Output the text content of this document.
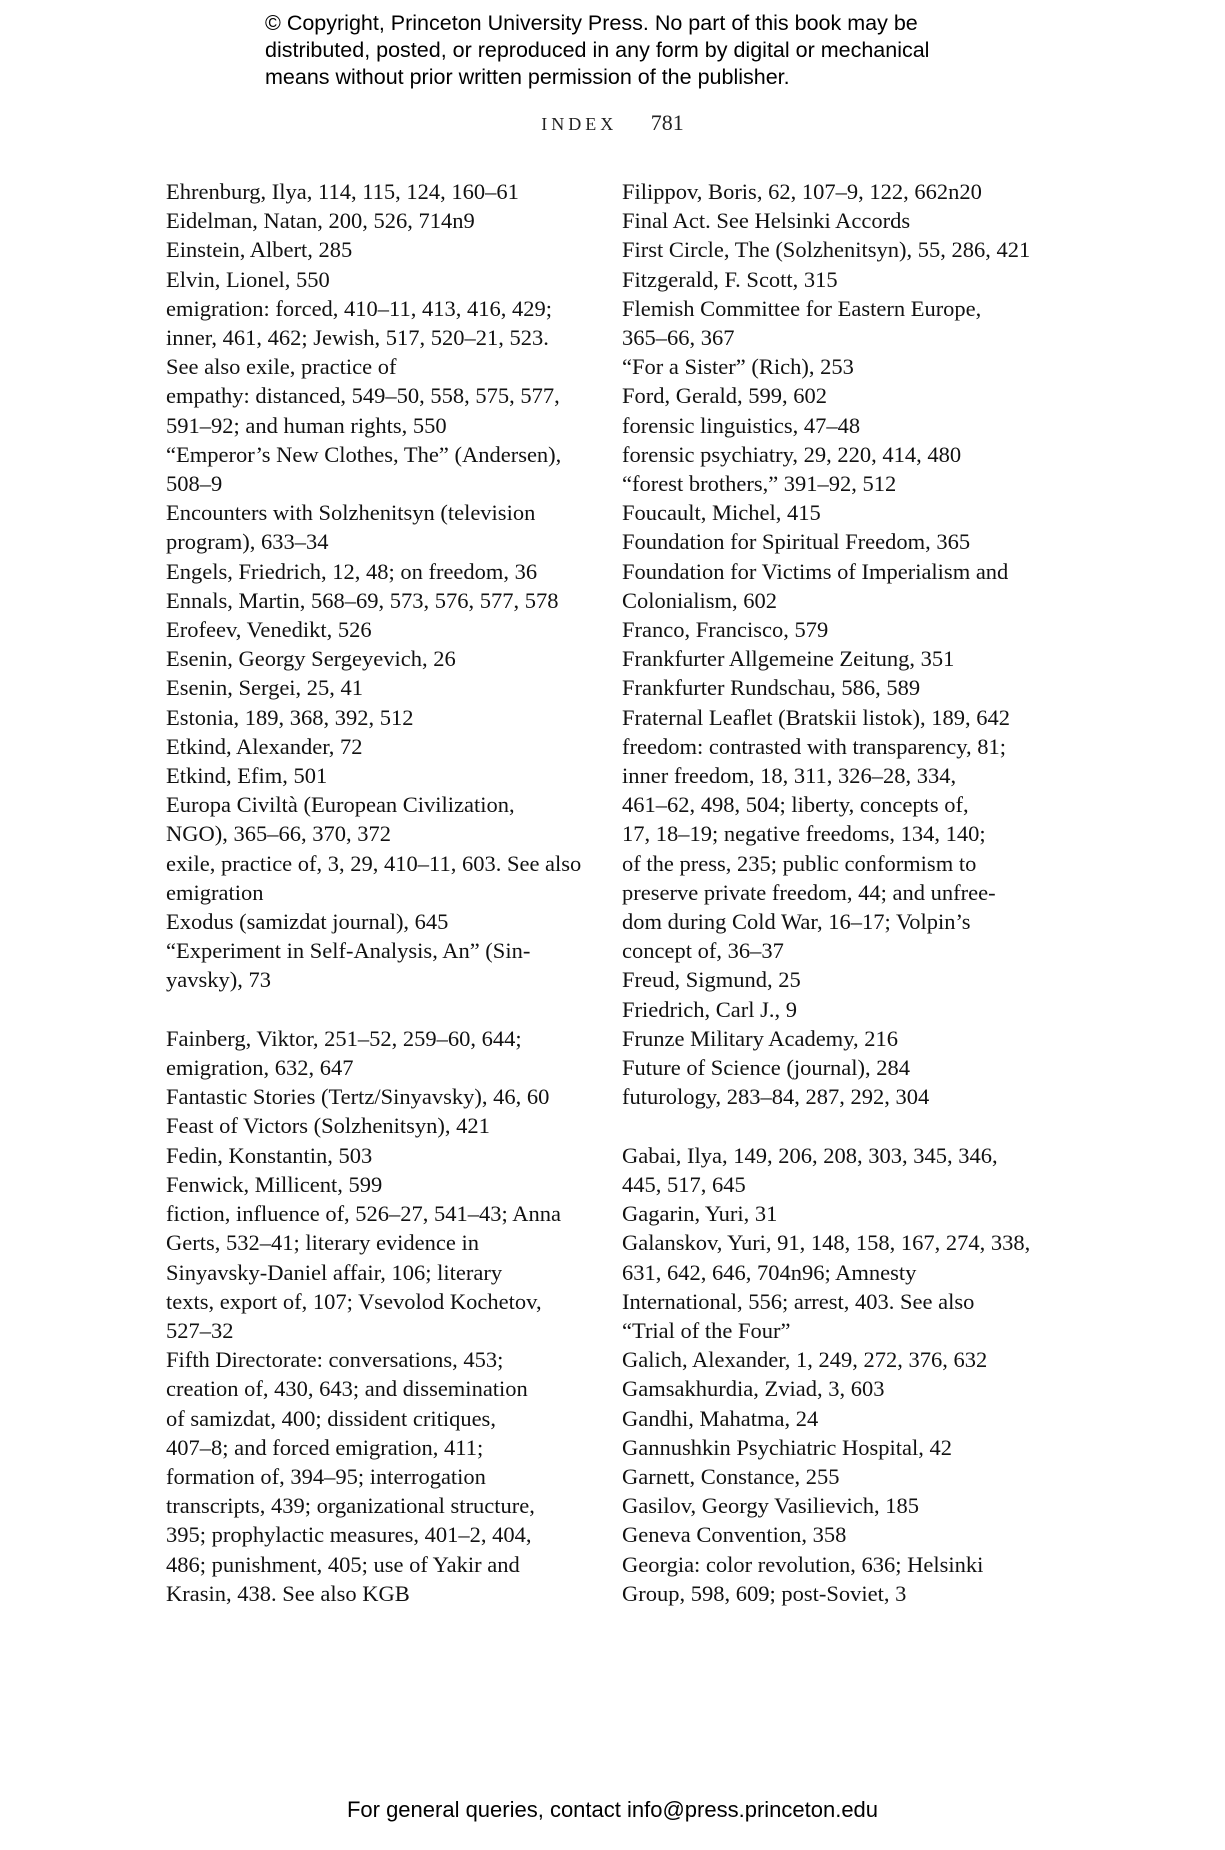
© Copyright, Princeton University Press. No part of this book may be
distributed, posted, or reproduced in any form by digital or mechanical
means without prior written permission of the publisher.
INDEX 781
Ehrenburg, Ilya, 114, 115, 124, 160–61
Eidelman, Natan, 200, 526, 714n9
Einstein, Albert, 285
Elvin, Lionel, 550
emigration: forced, 410–11, 413, 416, 429;
inner, 461, 462; Jewish, 517, 520–21, 523.
See also exile, practice of
empathy: distanced, 549–50, 558, 575, 577,
591–92; and human rights, 550
“Emperor’s New Clothes, The” (Andersen),
508–9
Encounters with Solzhenitsyn (television
program), 633–34
Engels, Friedrich, 12, 48; on freedom, 36
Ennals, Martin, 568–69, 573, 576, 577, 578
Erofeev, Venedikt, 526
Esenin, Georgy Sergeyevich, 26
Esenin, Sergei, 25, 41
Estonia, 189, 368, 392, 512
Etkind, Alexander, 72
Etkind, Efim, 501
Europa Civiltà (European Civilization,
NGO), 365–66, 370, 372
exile, practice of, 3, 29, 410–11, 603. See also
emigration
Exodus (samizdat journal), 645
“Experiment in Self-Analysis, An” (Sin-
yavsky), 73
Fainberg, Viktor, 251–52, 259–60, 644;
emigration, 632, 647
Fantastic Stories (Tertz/Sinyavsky), 46, 60
Feast of Victors (Solzhenitsyn), 421
Fedin, Konstantin, 503
Fenwick, Millicent, 599
fiction, influence of, 526–27, 541–43; Anna
Gerts, 532–41; literary evidence in
Sinyavsky-Daniel affair, 106; literary
texts, export of, 107; Vsevolod Kochetov,
527–32
Fifth Directorate: conversations, 453;
creation of, 430, 643; and dissemination
of samizdat, 400; dissident critiques,
407–8; and forced emigration, 411;
formation of, 394–95; interrogation
transcripts, 439; organizational structure,
395; prophylactic measures, 401–2, 404,
486; punishment, 405; use of Yakir and
Krasin, 438. See also KGB
Filippov, Boris, 62, 107–9, 122, 662n20
Final Act. See Helsinki Accords
First Circle, The (Solzhenitsyn), 55, 286, 421
Fitzgerald, F. Scott, 315
Flemish Committee for Eastern Europe,
365–66, 367
“For a Sister” (Rich), 253
Ford, Gerald, 599, 602
forensic linguistics, 47–48
forensic psychiatry, 29, 220, 414, 480
“forest brothers,” 391–92, 512
Foucault, Michel, 415
Foundation for Spiritual Freedom, 365
Foundation for Victims of Imperialism and
Colonialism, 602
Franco, Francisco, 579
Frankfurter Allgemeine Zeitung, 351
Frankfurter Rundschau, 586, 589
Fraternal Leaflet (Bratskii listok), 189, 642
freedom: contrasted with transparency, 81;
inner freedom, 18, 311, 326–28, 334,
461–62, 498, 504; liberty, concepts of,
17, 18–19; negative freedoms, 134, 140;
of the press, 235; public conformism to
preserve private freedom, 44; and unfree-
dom during Cold War, 16–17; Volpin’s
concept of, 36–37
Freud, Sigmund, 25
Friedrich, Carl J., 9
Frunze Military Academy, 216
Future of Science (journal), 284
futurology, 283–84, 287, 292, 304
Gabai, Ilya, 149, 206, 208, 303, 345, 346,
445, 517, 645
Gagarin, Yuri, 31
Galanskov, Yuri, 91, 148, 158, 167, 274, 338,
631, 642, 646, 704n96; Amnesty
International, 556; arrest, 403. See also
“Trial of the Four”
Galich, Alexander, 1, 249, 272, 376, 632
Gamsakhurdia, Zviad, 3, 603
Gandhi, Mahatma, 24
Gannushkin Psychiatric Hospital, 42
Garnett, Constance, 255
Gasilov, Georgy Vasilievich, 185
Geneva Convention, 358
Georgia: color revolution, 636; Helsinki
Group, 598, 609; post-Soviet, 3
For general queries, contact info@press.princeton.edu
